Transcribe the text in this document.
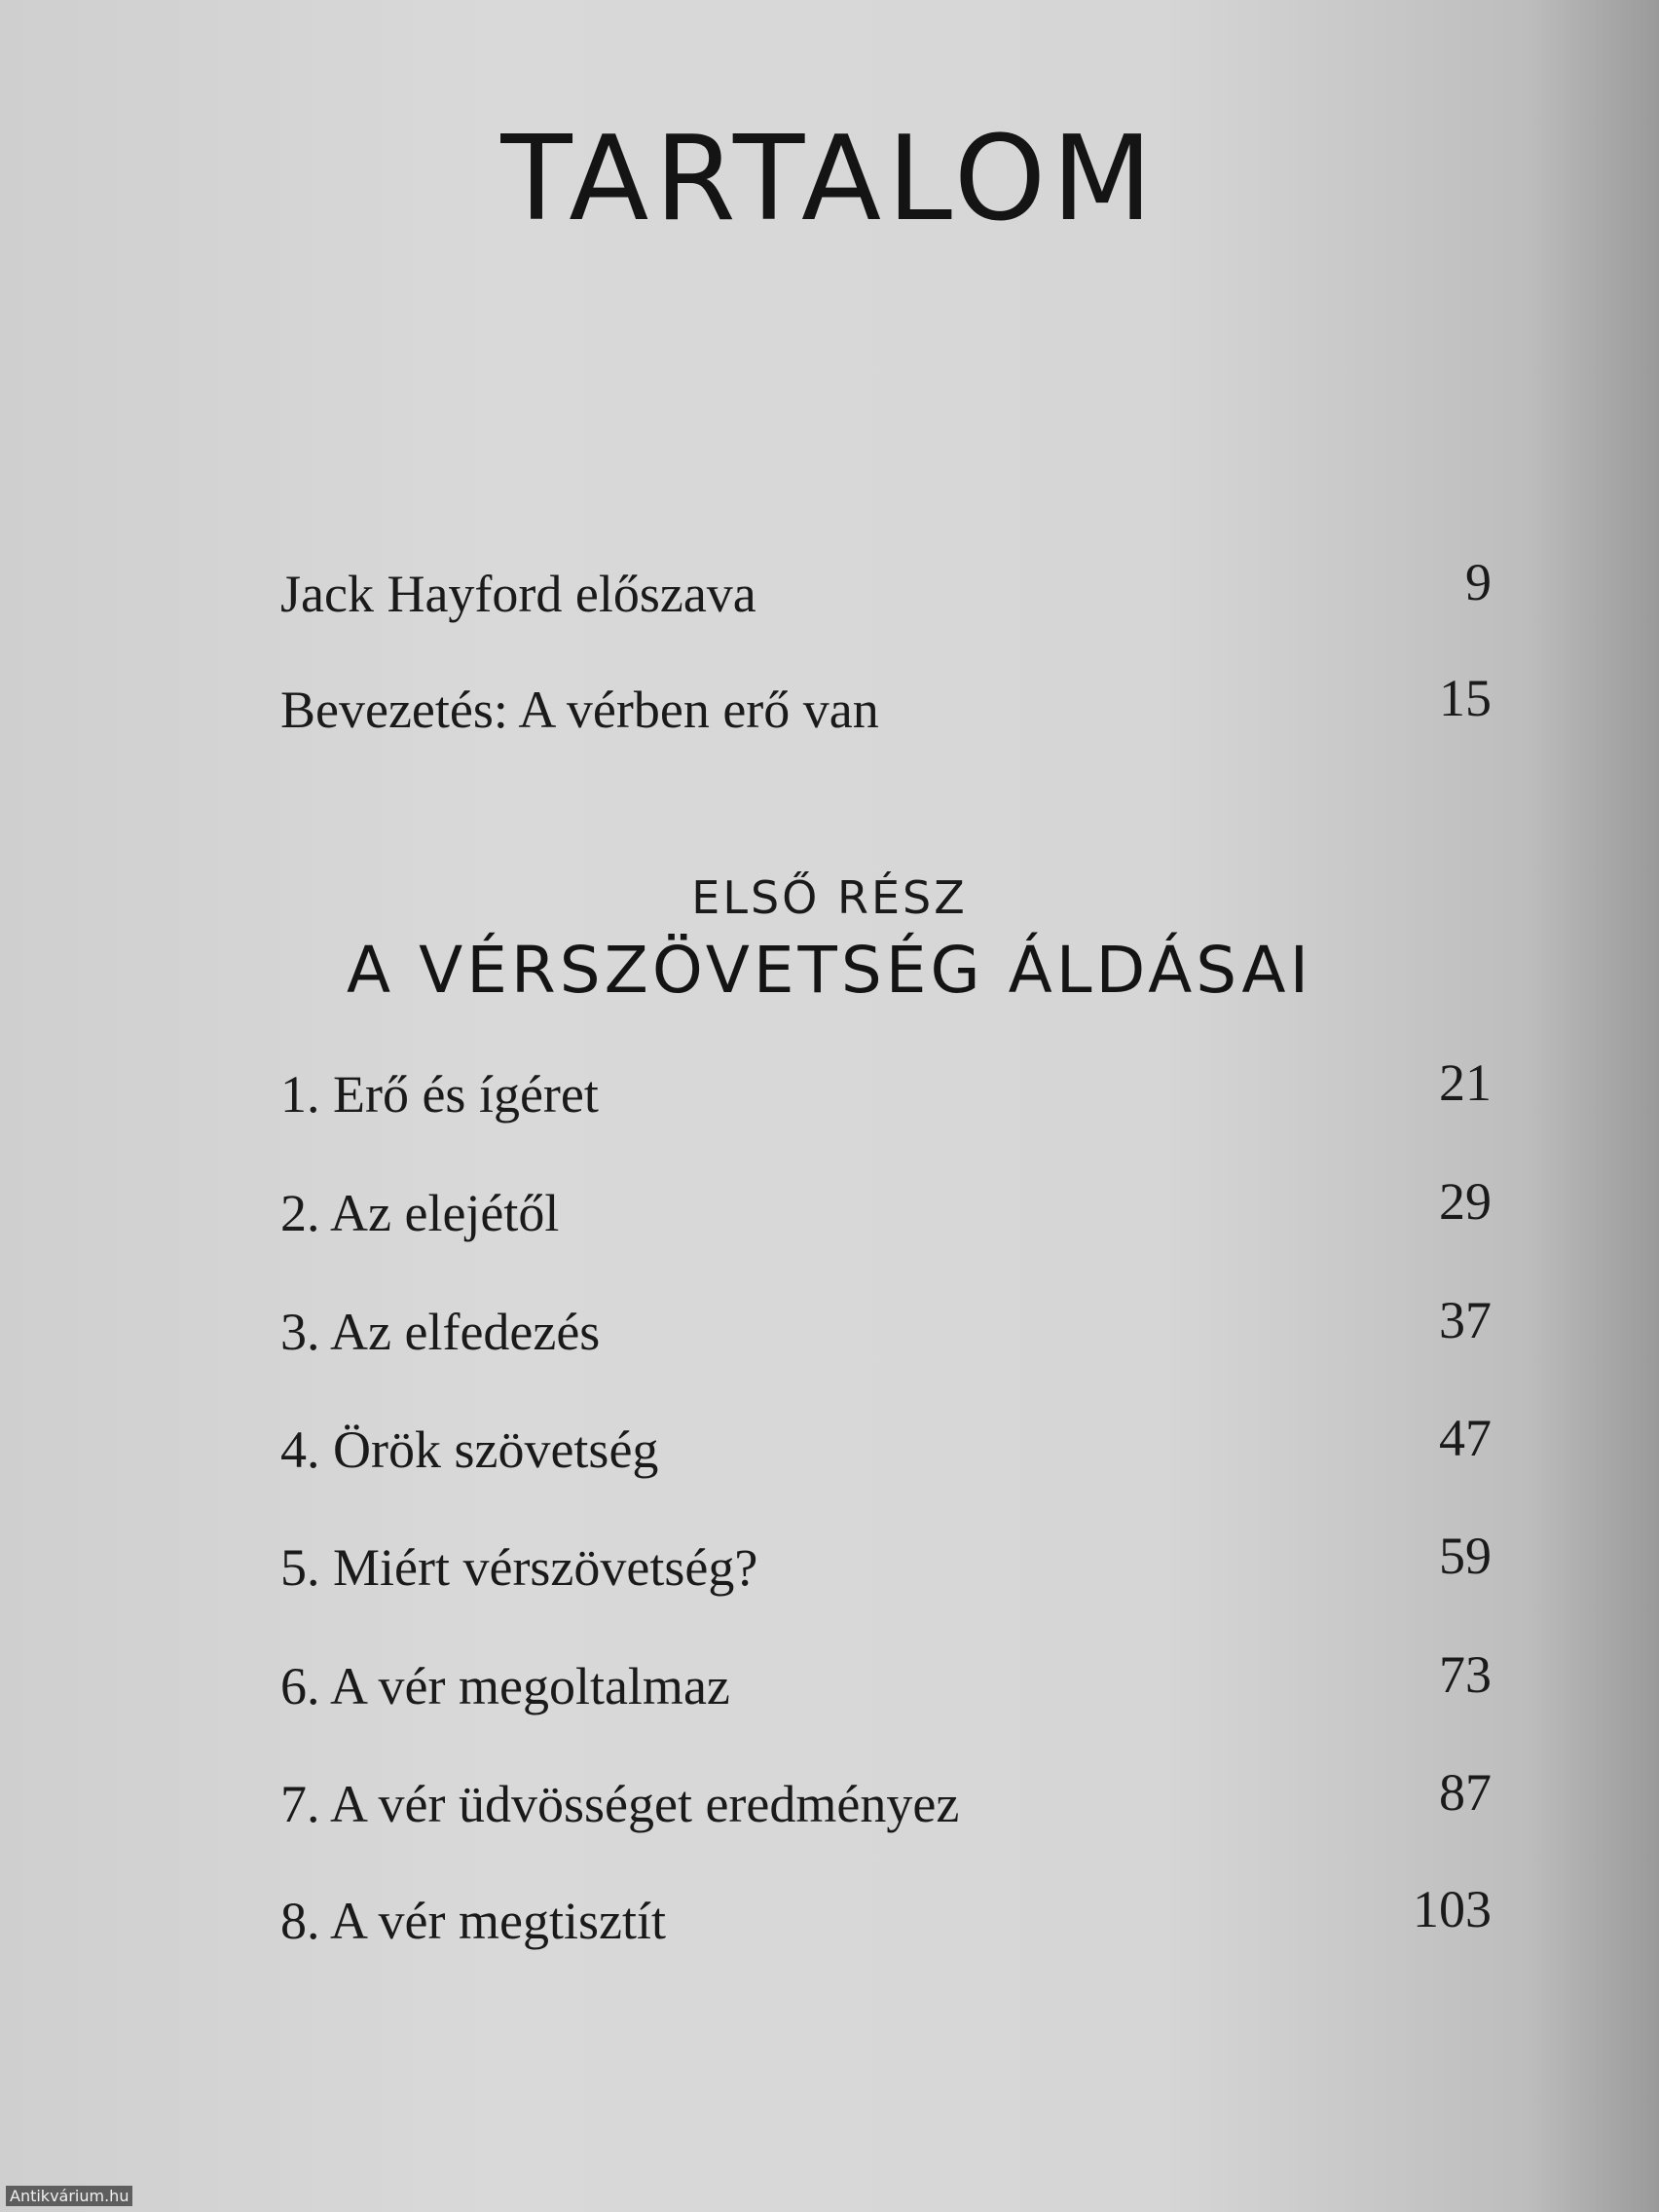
TARTALOM
Jack Hayford előszava	9
Bevezetés: A vérben erő van	15
ELSŐ RÉSZ
A VÉRSZÖVETSÉG ÁLDÁSAI
1. Erő és ígéret	21
2. Az elejétől	29
3. Az elfedezés	37
4. Örök szövetség	47
5. Miért vérszövetség?	59
6. A vér megoltalmaz	73
7. A vér üdvösséget eredményez	87
8. A vér megtisztít	103
Antikvárium.hu
